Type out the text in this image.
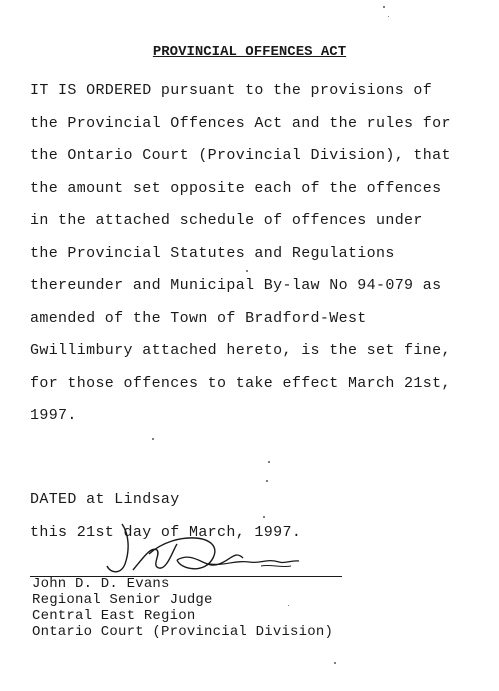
PROVINCIAL OFFENCES ACT
IT IS ORDERED pursuant to the provisions of
the Provincial Offences Act and the rules for
the Ontario Court (Provincial Division), that
the amount set opposite each of the offences
in the attached schedule of offences under
the Provincial Statutes and Regulations
thereunder and Municipal By-law No 94-079 as
amended of the Town of Bradford-West
Gwillimbury attached hereto, is the set fine,
for those offences to take effect March 21st,
1997.
DATED at Lindsay
this 21st day of March, 1997.
John D. D. Evans
Regional Senior Judge
Central East Region
Ontario Court (Provincial Division)
